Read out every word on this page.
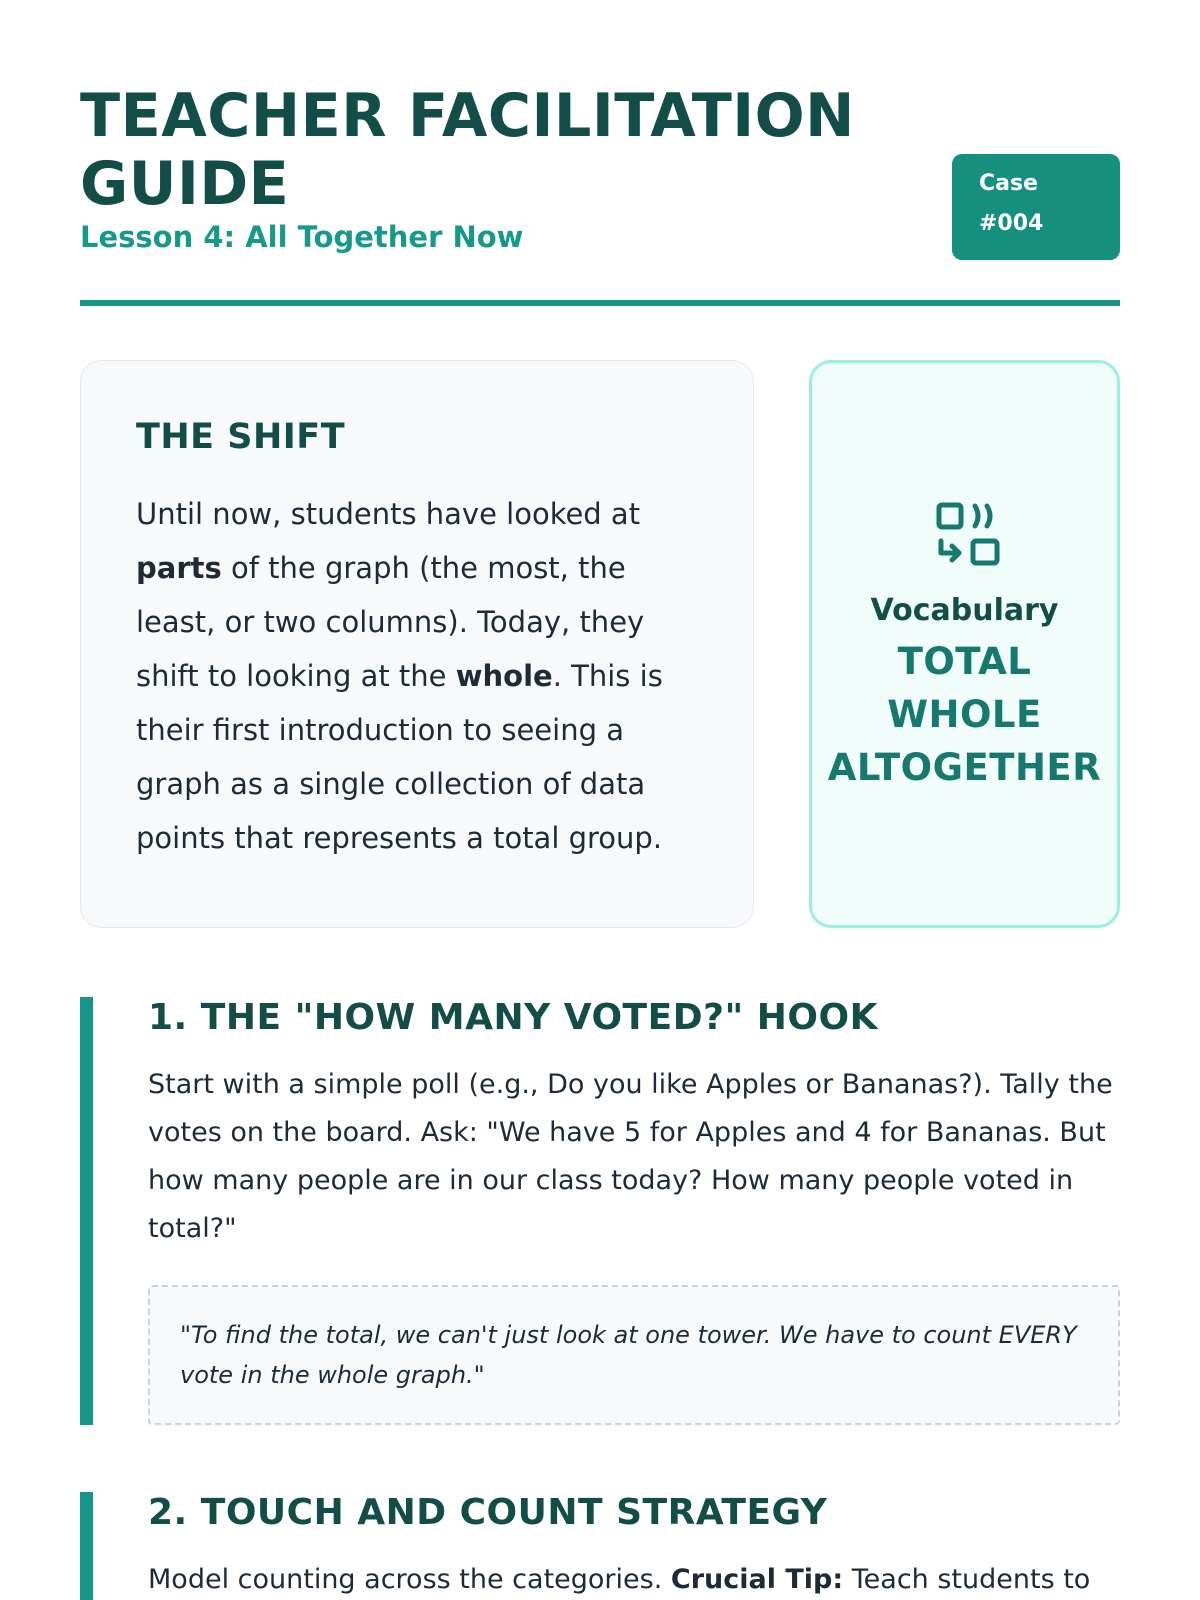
TEACHER FACILITATION GUIDE
Lesson 4: All Together Now
Case
#004
THE SHIFT

Until now, students have looked at parts of the graph (the most, the least, or two columns). Today, they shift to looking at the whole. This is their first introduction to seeing a graph as a single collection of data points that represents a total group.

Vocabulary
TOTAL
WHOLE
ALTOGETHER
1. THE "HOW MANY VOTED?" HOOK

Start with a simple poll (e.g., Do you like Apples or Bananas?). Tally the votes on the board. Ask: "We have 5 for Apples and 4 for Bananas. But how many people are in our class today? How many people voted in total?"

"To find the total, we can't just look at one tower. We have to count EVERY vote in the whole graph."
2. TOUCH AND COUNT STRATEGY

Model counting across the categories. Crucial Tip: Teach students to
